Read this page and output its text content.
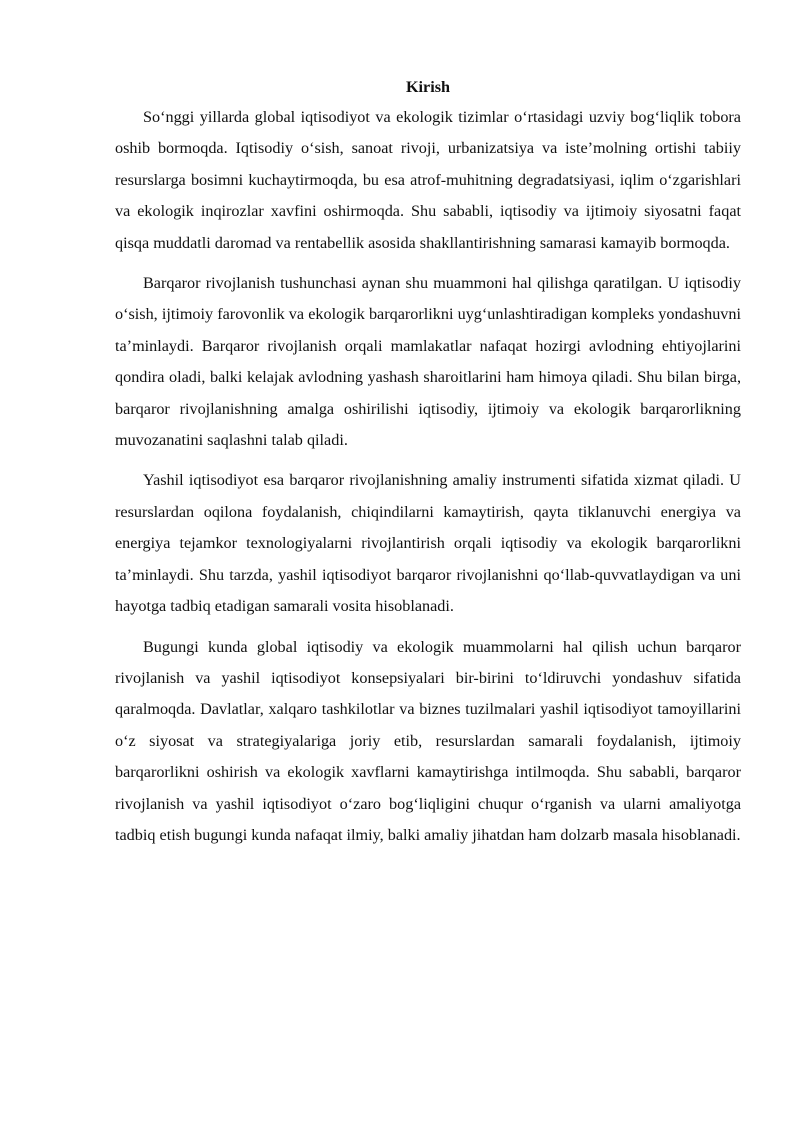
Kirish

So‘nggi yillarda global iqtisodiyot va ekologik tizimlar o‘rtasidagi uzviy bog‘liqlik tobora oshib bormoqda. Iqtisodiy o‘sish, sanoat rivoji, urbanizatsiya va iste’molning ortishi tabiiy resurslarga bosimni kuchaytirmoqda, bu esa atrof-muhitning degradatsiyasi, iqlim o‘zgarishlari va ekologik inqirozlar xavfini oshirmoqda. Shu sababli, iqtisodiy va ijtimoiy siyosatni faqat qisqa muddatli daromad va rentabellik asosida shakllantirishning samarasi kamayib bormoqda.

Barqaror rivojlanish tushunchasi aynan shu muammoni hal qilishga qaratilgan. U iqtisodiy o‘sish, ijtimoiy farovonlik va ekologik barqarorlikni uyg‘unlashtiradigan kompleks yondashuvni ta’minlaydi. Barqaror rivojlanish orqali mamlakatlar nafaqat hozirgi avlodning ehtiyojlarini qondira oladi, balki kelajak avlodning yashash sharoitlarini ham himoya qiladi. Shu bilan birga, barqaror rivojlanishning amalga oshirilishi iqtisodiy, ijtimoiy va ekologik barqarorlikning muvozanatini saqlashni talab qiladi.

Yashil iqtisodiyot esa barqaror rivojlanishning amaliy instrumenti sifatida xizmat qiladi. U resurslardan oqilona foydalanish, chiqindilarni kamaytirish, qayta tiklanuvchi energiya va energiya tejamkor texnologiyalarni rivojlantirish orqali iqtisodiy va ekologik barqarorlikni ta’minlaydi. Shu tarzda, yashil iqtisodiyot barqaror rivojlanishni qo‘llab-quvvatlaydigan va uni hayotga tadbiq etadigan samarali vosita hisoblanadi.

Bugungi kunda global iqtisodiy va ekologik muammolarni hal qilish uchun barqaror rivojlanish va yashil iqtisodiyot konsepsiyalari bir-birini to‘ldiruvchi yondashuv sifatida qaralmoqda. Davlatlar, xalqaro tashkilotlar va biznes tuzilmalari yashil iqtisodiyot tamoyillarini o‘z siyosat va strategiyalariga joriy etib, resurslardan samarali foydalanish, ijtimoiy barqarorlikni oshirish va ekologik xavflarni kamaytirishga intilmoqda. Shu sababli, barqaror rivojlanish va yashil iqtisodiyot o‘zaro bog‘liqligini chuqur o‘rganish va ularni amaliyotga tadbiq etish bugungi kunda nafaqat ilmiy, balki amaliy jihatdan ham dolzarb masala hisoblanadi.
